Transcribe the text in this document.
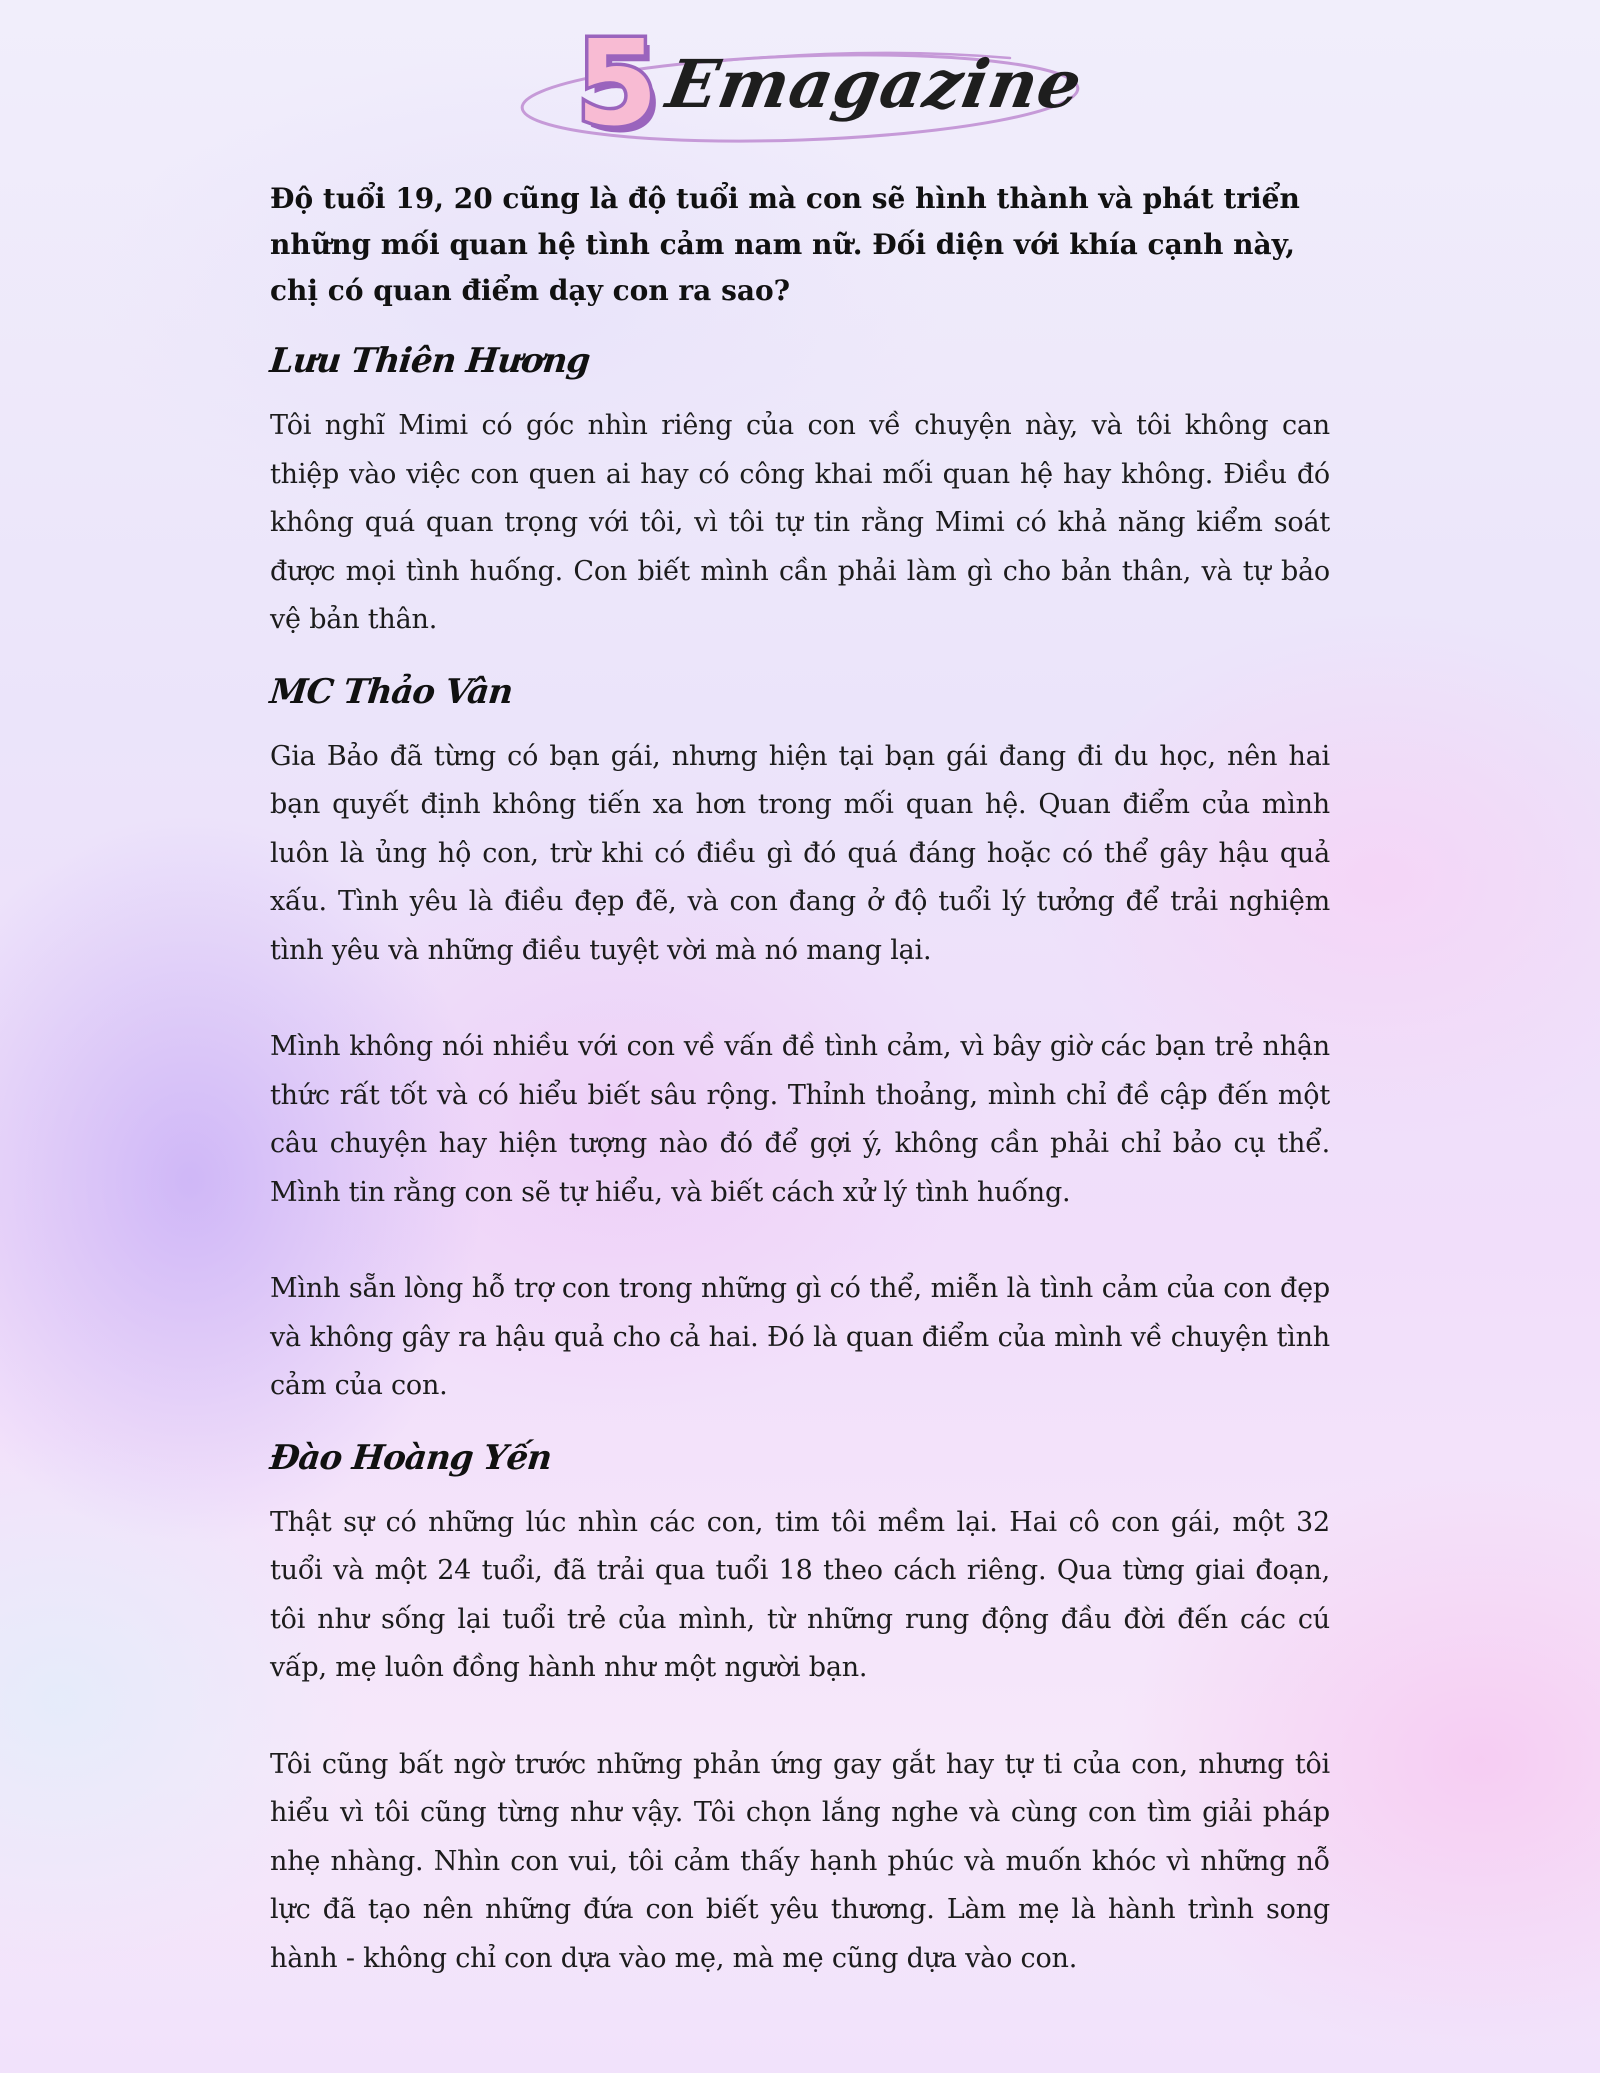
5 Emagazine

Độ tuổi 19, 20 cũng là độ tuổi mà con sẽ hình thành và phát triển những mối quan hệ tình cảm nam nữ. Đối diện với khía cạnh này, chị có quan điểm dạy con ra sao?

Lưu Thiên Hương

Tôi nghĩ Mimi có góc nhìn riêng của con về chuyện này, và tôi không can thiệp vào việc con quen ai hay có công khai mối quan hệ hay không. Điều đó không quá quan trọng với tôi, vì tôi tự tin rằng Mimi có khả năng kiểm soát được mọi tình huống. Con biết mình cần phải làm gì cho bản thân, và tự bảo vệ bản thân.

MC Thảo Vân

Gia Bảo đã từng có bạn gái, nhưng hiện tại bạn gái đang đi du học, nên hai bạn quyết định không tiến xa hơn trong mối quan hệ. Quan điểm của mình luôn là ủng hộ con, trừ khi có điều gì đó quá đáng hoặc có thể gây hậu quả xấu. Tình yêu là điều đẹp đẽ, và con đang ở độ tuổi lý tưởng để trải nghiệm tình yêu và những điều tuyệt vời mà nó mang lại.

Mình không nói nhiều với con về vấn đề tình cảm, vì bây giờ các bạn trẻ nhận thức rất tốt và có hiểu biết sâu rộng. Thỉnh thoảng, mình chỉ đề cập đến một câu chuyện hay hiện tượng nào đó để gợi ý, không cần phải chỉ bảo cụ thể. Mình tin rằng con sẽ tự hiểu, và biết cách xử lý tình huống.

Mình sẵn lòng hỗ trợ con trong những gì có thể, miễn là tình cảm của con đẹp và không gây ra hậu quả cho cả hai. Đó là quan điểm của mình về chuyện tình cảm của con.

Đào Hoàng Yến

Thật sự có những lúc nhìn các con, tim tôi mềm lại. Hai cô con gái, một 32 tuổi và một 24 tuổi, đã trải qua tuổi 18 theo cách riêng. Qua từng giai đoạn, tôi như sống lại tuổi trẻ của mình, từ những rung động đầu đời đến các cú vấp, mẹ luôn đồng hành như một người bạn.

Tôi cũng bất ngờ trước những phản ứng gay gắt hay tự ti của con, nhưng tôi hiểu vì tôi cũng từng như vậy. Tôi chọn lắng nghe và cùng con tìm giải pháp nhẹ nhàng. Nhìn con vui, tôi cảm thấy hạnh phúc và muốn khóc vì những nỗ lực đã tạo nên những đứa con biết yêu thương. Làm mẹ là hành trình song hành - không chỉ con dựa vào mẹ, mà mẹ cũng dựa vào con.
